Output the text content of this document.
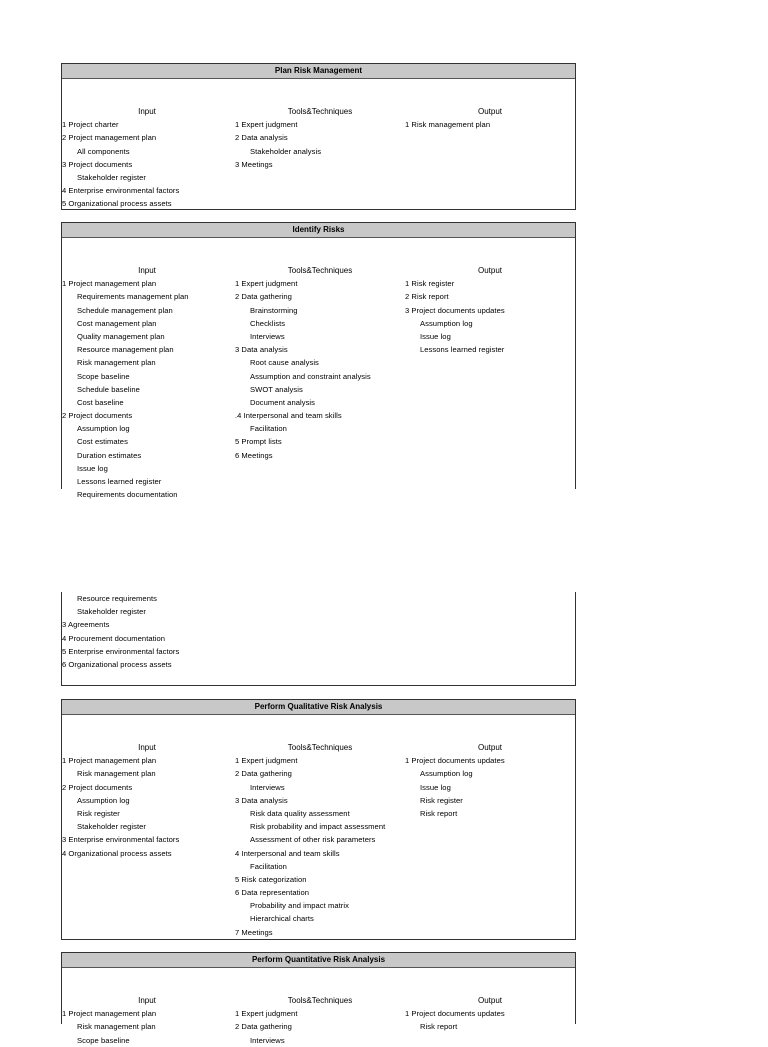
Plan Risk Management
Input
1 Project charter
2 Project management plan
All components
3 Project documents
Stakeholder register
4 Enterprise environmental factors
5 Organizational process assets
Tools&Techniques
1 Expert judgment
2 Data analysis
Stakeholder analysis
3 Meetings
Output
1 Risk management plan
Identify Risks
Input
1 Project management plan
Requirements management plan
Schedule management plan
Cost management plan
Quality management plan
Resource management plan
Risk management plan
Scope baseline
Schedule baseline
Cost baseline
2 Project documents
Assumption log
Cost estimates
Duration estimates
Issue log
Lessons learned register
Requirements documentation
Tools&Techniques
1 Expert judgment
2 Data gathering
Brainstorming
Checklists
Interviews
3 Data analysis
Root cause analysis
Assumption and constraint analysis
SWOT analysis
Document analysis
.4 Interpersonal and team skills
Facilitation
5 Prompt lists
6 Meetings
Output
1 Risk register
2 Risk report
3 Project documents updates
Assumption log
Issue log
Lessons learned register
Resource requirements
Stakeholder register
3 Agreements
4 Procurement documentation
5 Enterprise environmental factors
6 Organizational process assets
Perform Qualitative Risk Analysis
Input
1 Project management plan
Risk management plan
2 Project documents
Assumption log
Risk register
Stakeholder register
3 Enterprise environmental factors
4 Organizational process assets
Tools&Techniques
1 Expert judgment
2 Data gathering
Interviews
3 Data analysis
Risk data quality assessment
Risk probability and impact assessment
Assessment of other risk parameters
4 Interpersonal and team skills
Facilitation
5 Risk categorization
6 Data representation
Probability and impact matrix
Hierarchical charts
7 Meetings
Output
1 Project documents updates
Assumption log
Issue log
Risk register
Risk report
Perform Quantitative Risk Analysis
Input
1 Project management plan
Risk management plan
Scope baseline
Tools&Techniques
1 Expert judgment
2 Data gathering
Interviews
Output
1 Project documents updates
Risk report
